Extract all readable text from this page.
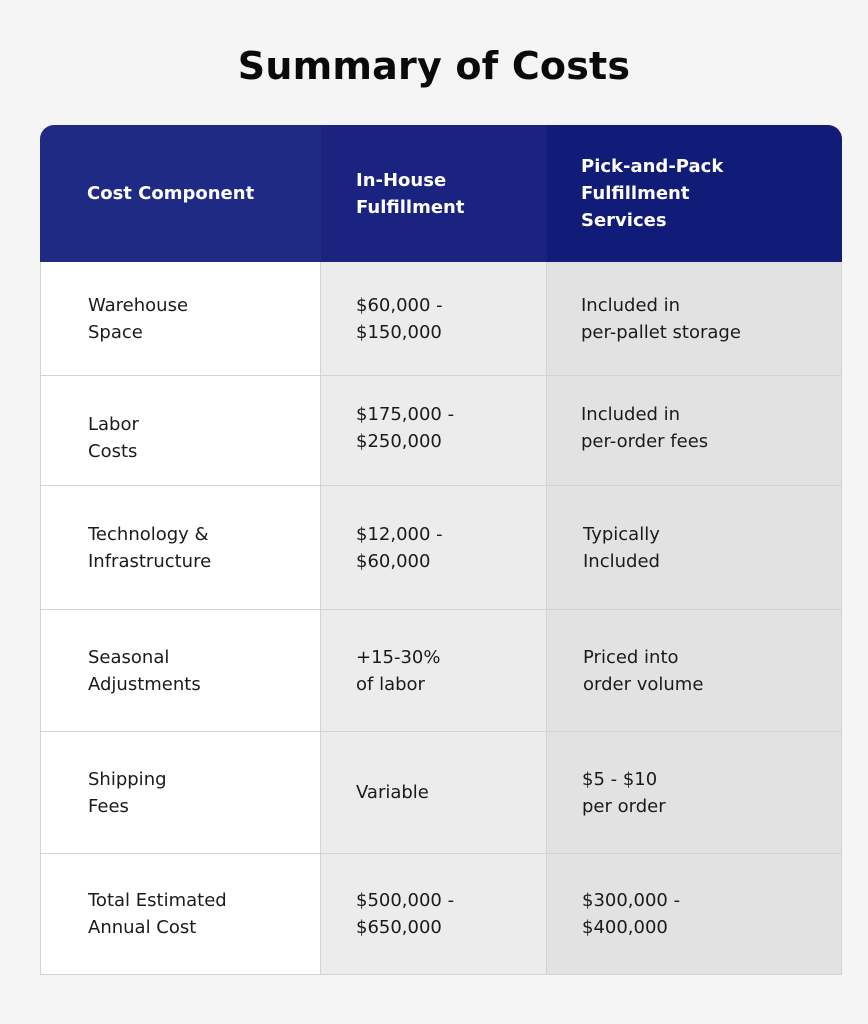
Summary of Costs
Cost Component
In-House
Fulfillment
Pick-and-Pack
Fulfillment
Services
Warehouse
Space
$60,000 -
$150,000
Included in
per-pallet storage
Labor
Costs
$175,000 -
$250,000
Included in
per-order fees
Technology &
Infrastructure
$12,000 -
$60,000
Typically
Included
Seasonal
Adjustments
+15-30%
of labor
Priced into
order volume
Shipping
Fees
Variable
$5 - $10
per order
Total Estimated
Annual Cost
$500,000 -
$650,000
$300,000 -
$400,000
